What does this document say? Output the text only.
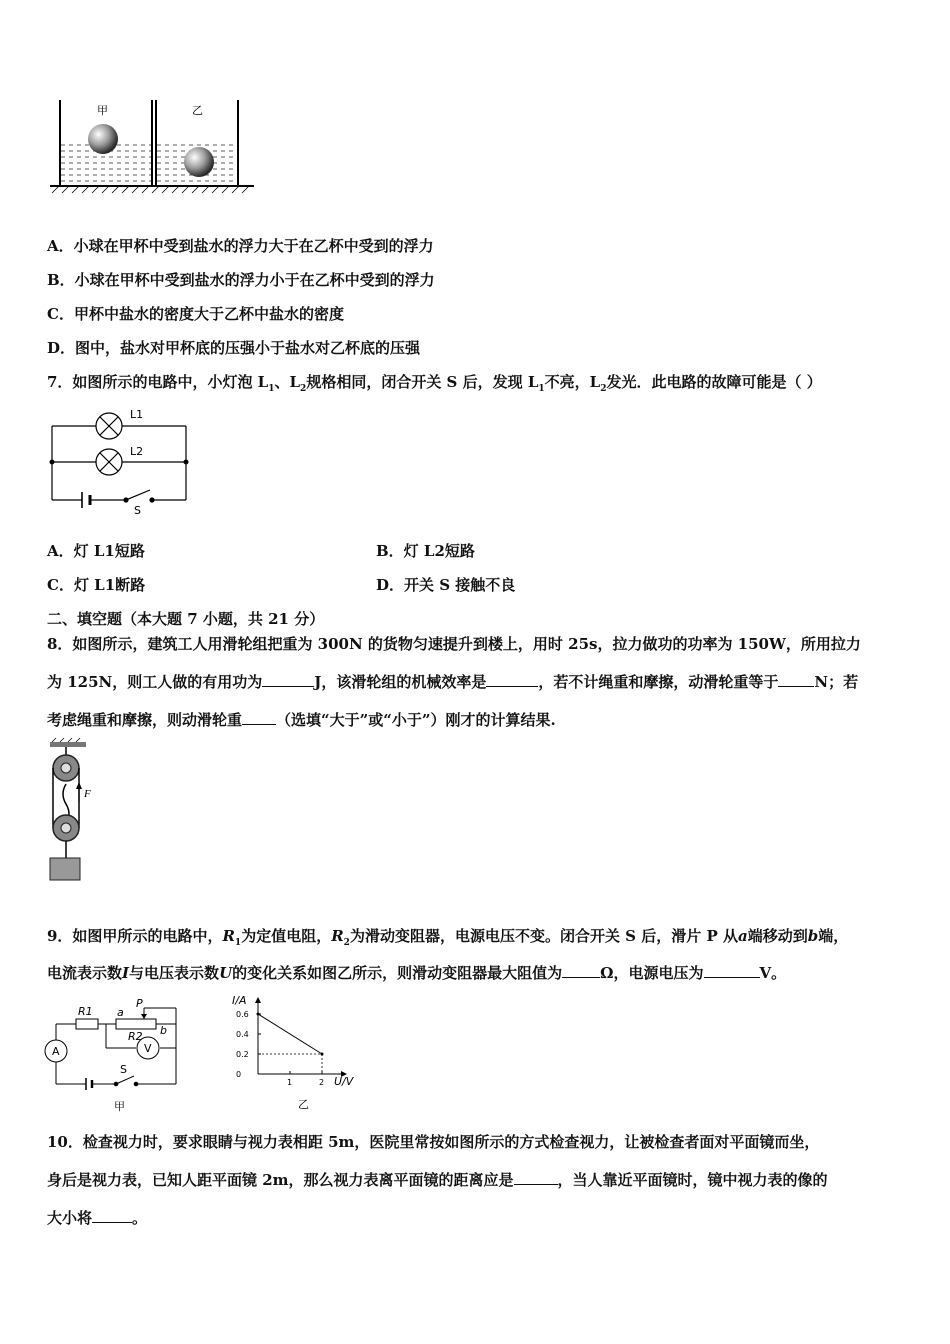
甲	乙
A．小球在甲杯中受到盐水的浮力大于在乙杯中受到的浮力
B．小球在甲杯中受到盐水的浮力小于在乙杯中受到的浮力
C．甲杯中盐水的密度大于乙杯中盐水的密度
D．图中，盐水对甲杯底的压强小于盐水对乙杯底的压强
7．如图所示的电路中，小灯泡 $L_1$、$L_2$规格相同，闭合开关 S 后，发现 $L_1$不亮，$L_2$发光．此电路的故障可能是（ ）
L1
L2
S
A．灯 L1短路	B．灯 L2短路
C．灯 L1断路	D．开关 S 接触不良
二、填空题（本大题 7 小题，共 21 分）
8．如图所示，建筑工人用滑轮组把重为 300N 的货物匀速提升到楼上，用时 25s，拉力做功的功率为 150W，所用拉力
为 125N，则工人做的有用功为	J，该滑轮组的机械效率是	，若不计绳重和摩擦，动滑轮重等于 N；若
考虑绳重和摩擦，则动滑轮重 （选填“大于”或“小于”）刚才的计算结果.
F
9．如图甲所示的电路中，$R_1$为定值电阻，$R_2$为滑动变阻器，电源电压不变。闭合开关 S 后，滑片 P 从a端移动到b端，
电流表示数I与电压表示数U的变化关系如图乙所示，则滑动变阻器最大阻值为	Ω，电源电压为	V。
R1
P
a
b
R2
A	V
S
甲
I/A
U/V
乙
0.6
0.4
0.2
0
1	2
10．检查视力时，要求眼睛与视力表相距 5m，医院里常按如图所示的方式检查视力，让被检查者面对平面镜而坐，
身后是视力表，已知人距平面镜 2m，那么视力表离平面镜的距离应是	，当人靠近平面镜时，镜中视力表的像的
大小将	。
